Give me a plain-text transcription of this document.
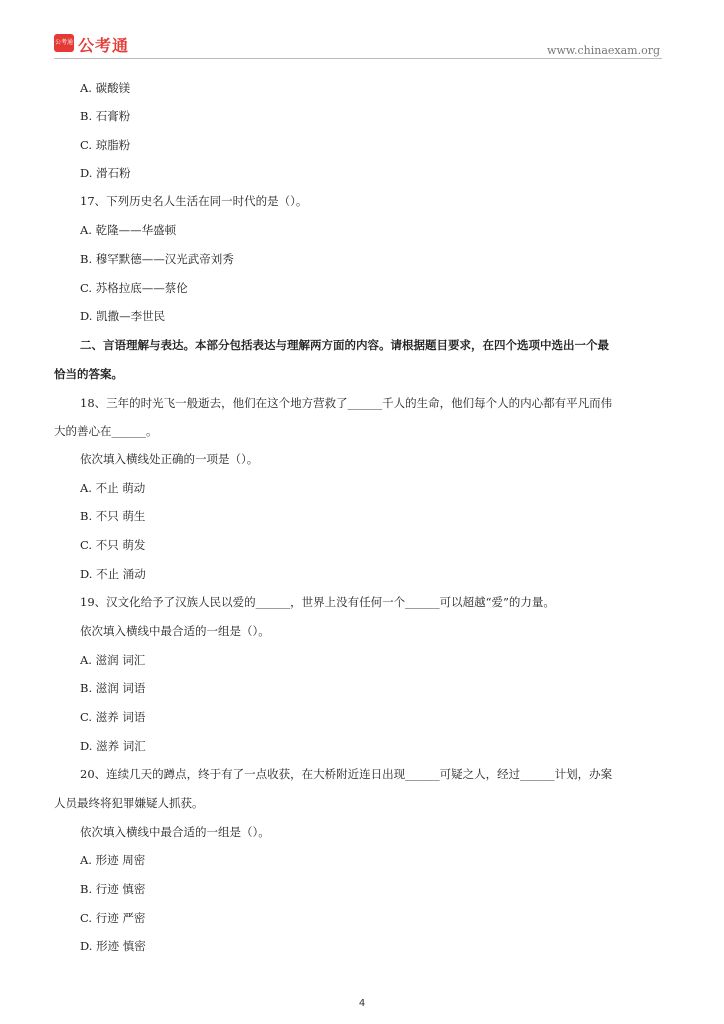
公考通 公考通	www.chinaexam.org
A. 碳酸镁
B. 石膏粉
C. 琼脂粉
D. 滑石粉
17、下列历史名人生活在同一时代的是（）。
A. 乾隆——华盛顿
B. 穆罕默德——汉光武帝刘秀
C. 苏格拉底——蔡伦
D. 凯撒—李世民
二、言语理解与表达。本部分包括表达与理解两方面的内容。请根据题目要求，在四个选项中选出一个最
恰当的答案。
18、三年的时光飞一般逝去，他们在这个地方营救了______千人的生命，他们每个人的内心都有平凡而伟
大的善心在______。
依次填入横线处正确的一项是（）。
A. 不止 萌动
B. 不只 萌生
C. 不只 萌发
D. 不止 涌动
19、汉文化给予了汉族人民以爱的______，世界上没有任何一个______可以超越“爱”的力量。
依次填入横线中最合适的一组是（）。
A. 滋润 词汇
B. 滋润 词语
C. 滋养 词语
D. 滋养 词汇
20、连续几天的蹲点，终于有了一点收获，在大桥附近连日出现______可疑之人，经过______计划，办案
人员最终将犯罪嫌疑人抓获。
依次填入横线中最合适的一组是（）。
A. 形迹 周密
B. 行迹 慎密
C. 行迹 严密
D. 形迹 慎密
4
